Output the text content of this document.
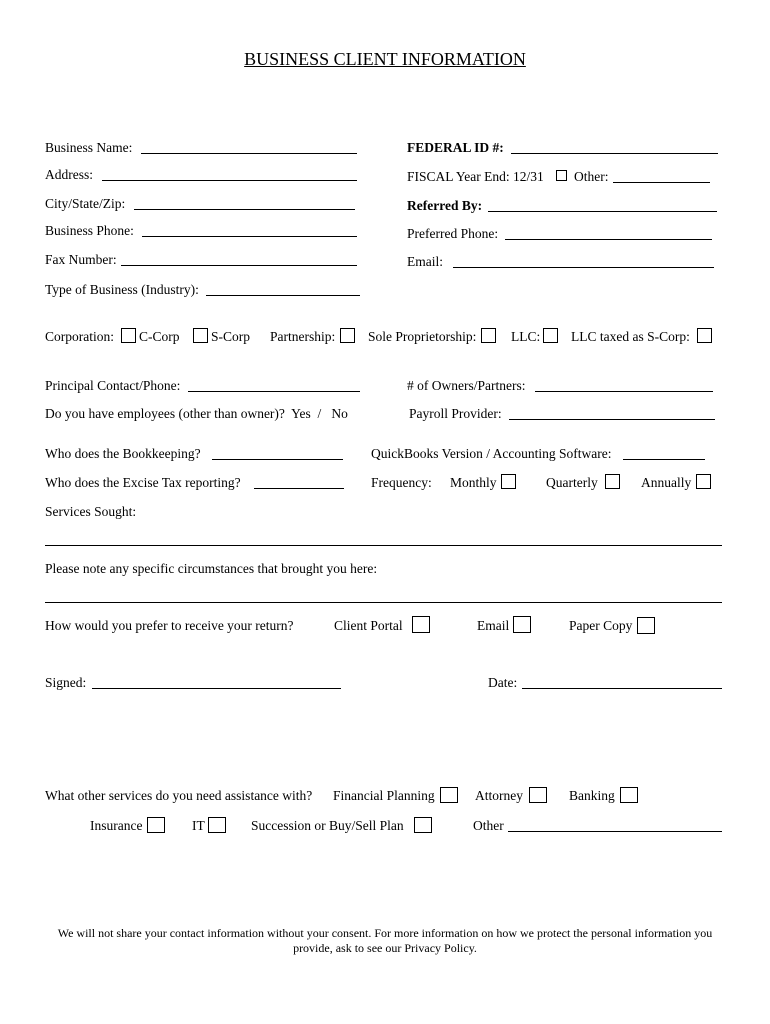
BUSINESS CLIENT INFORMATION
Business Name:	FEDERAL ID #:
Address:	FISCAL Year End: 12/31 Other:
City/State/Zip:	Referred By:
Business Phone:	Preferred Phone:
Fax Number:	Email:
Type of Business (Industry):
Corporation: C-Corp S-Corp Partnership: Sole Proprietorship:	LLC: LLC taxed as S-Corp:
Principal Contact/Phone:	# of Owners/Partners:
Do you have employees (other than owner)?  Yes  /   No	Payroll Provider:
Who does the Bookkeeping?	QuickBooks Version / Accounting Software:
Who does the Excise Tax reporting?	Frequency: Monthly	Quarterly	Annually
Services Sought:
Please note any specific circumstances that brought you here:
How would you prefer to receive your return?	Client Portal	Email	Paper Copy
Signed:	Date:
What other services do you need assistance with? Financial Planning	Attorney	Banking
Insurance	IT	Succession or Buy/Sell Plan	Other
We will not share your contact information without your consent. For more information on how we protect the personal information you provide, ask to see our Privacy Policy.
